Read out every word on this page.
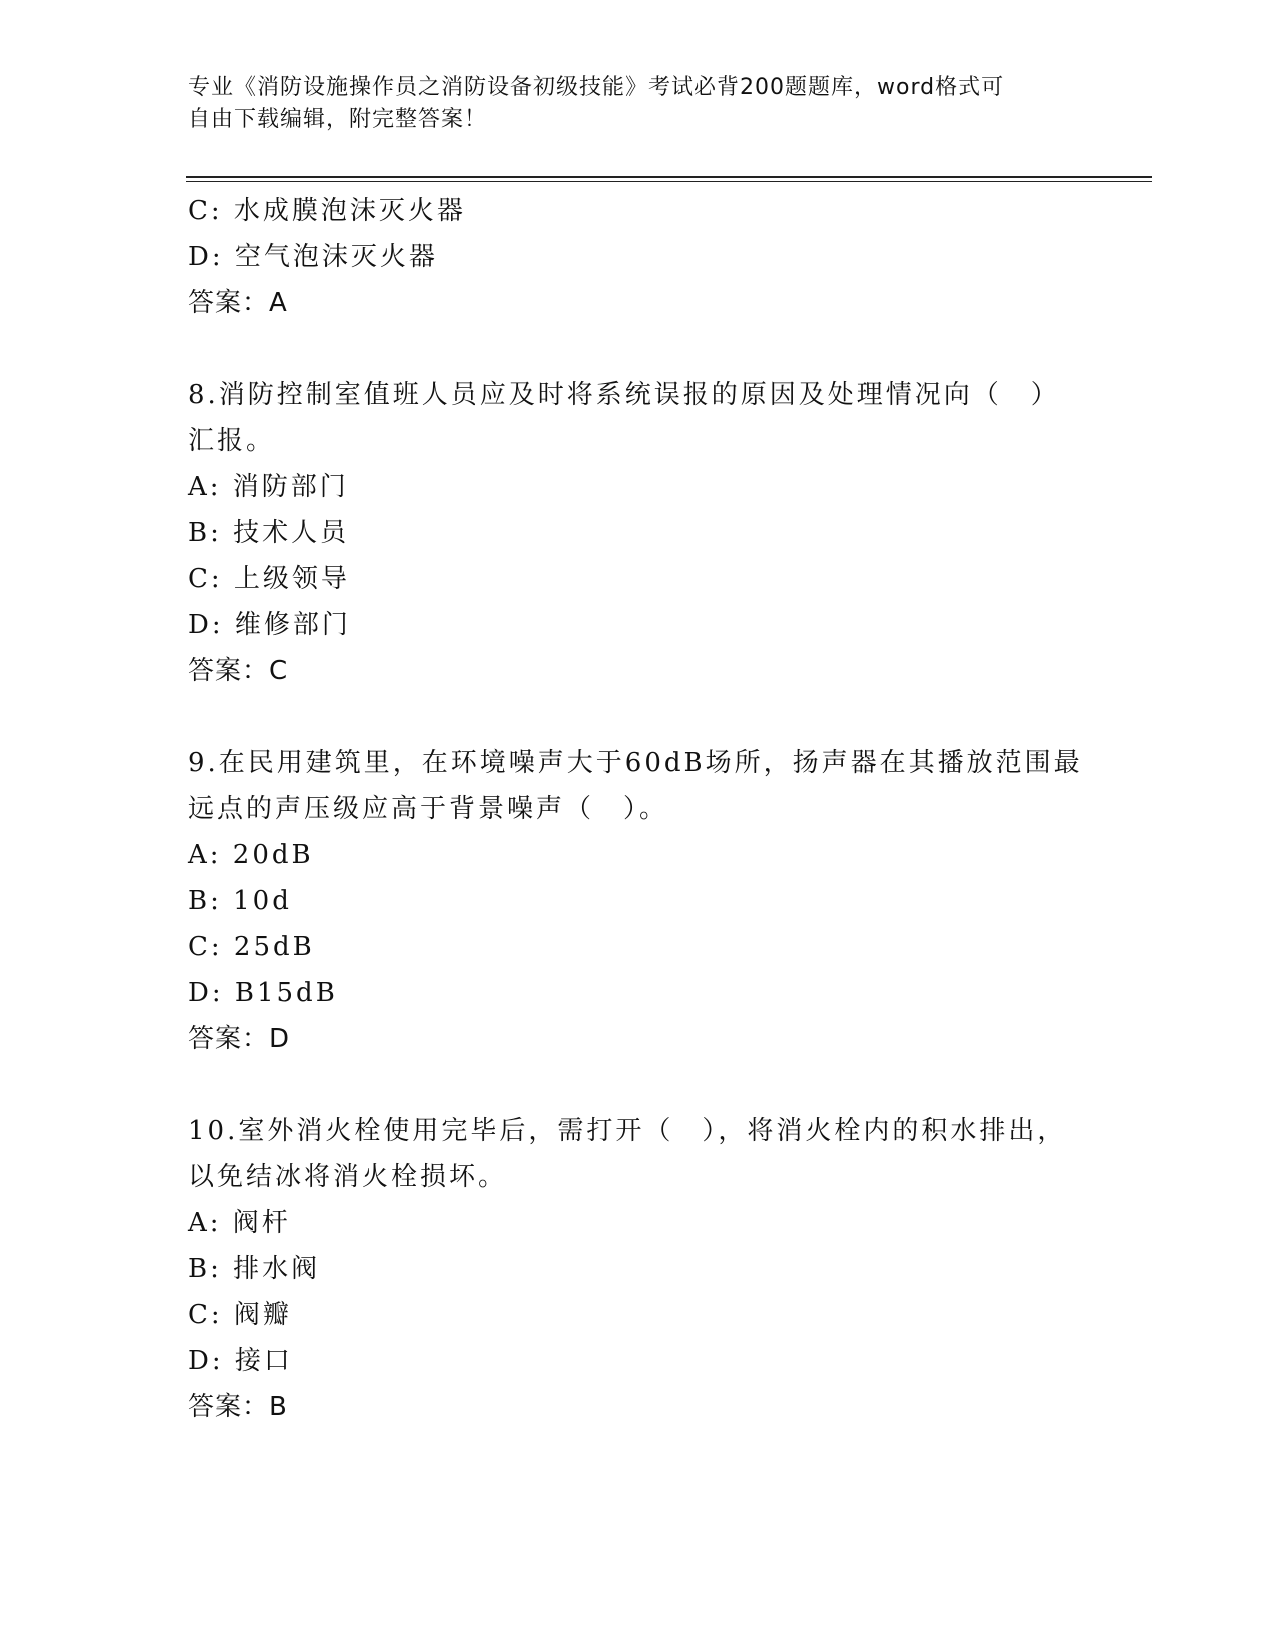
专业《消防设施操作员之消防设备初级技能》考试必背200题题库，word格式可
自由下载编辑，附完整答案！
C: 水成膜泡沫灭火器
D: 空气泡沫灭火器
答案：A
8.消防控制室值班人员应及时将系统误报的原因及处理情况向（　）
汇报。
A: 消防部门
B: 技术人员
C: 上级领导
D: 维修部门
答案：C
9.在民用建筑里，在环境噪声大于60dB场所，扬声器在其播放范围最
远点的声压级应高于背景噪声（　）。
A: 20dB
B: 10d
C: 25dB
D: B15dB
答案：D
10.室外消火栓使用完毕后，需打开（　），将消火栓内的积水排出，
以免结冰将消火栓损坏。
A: 阀杆
B: 排水阀
C: 阀瓣
D: 接口
答案：B
